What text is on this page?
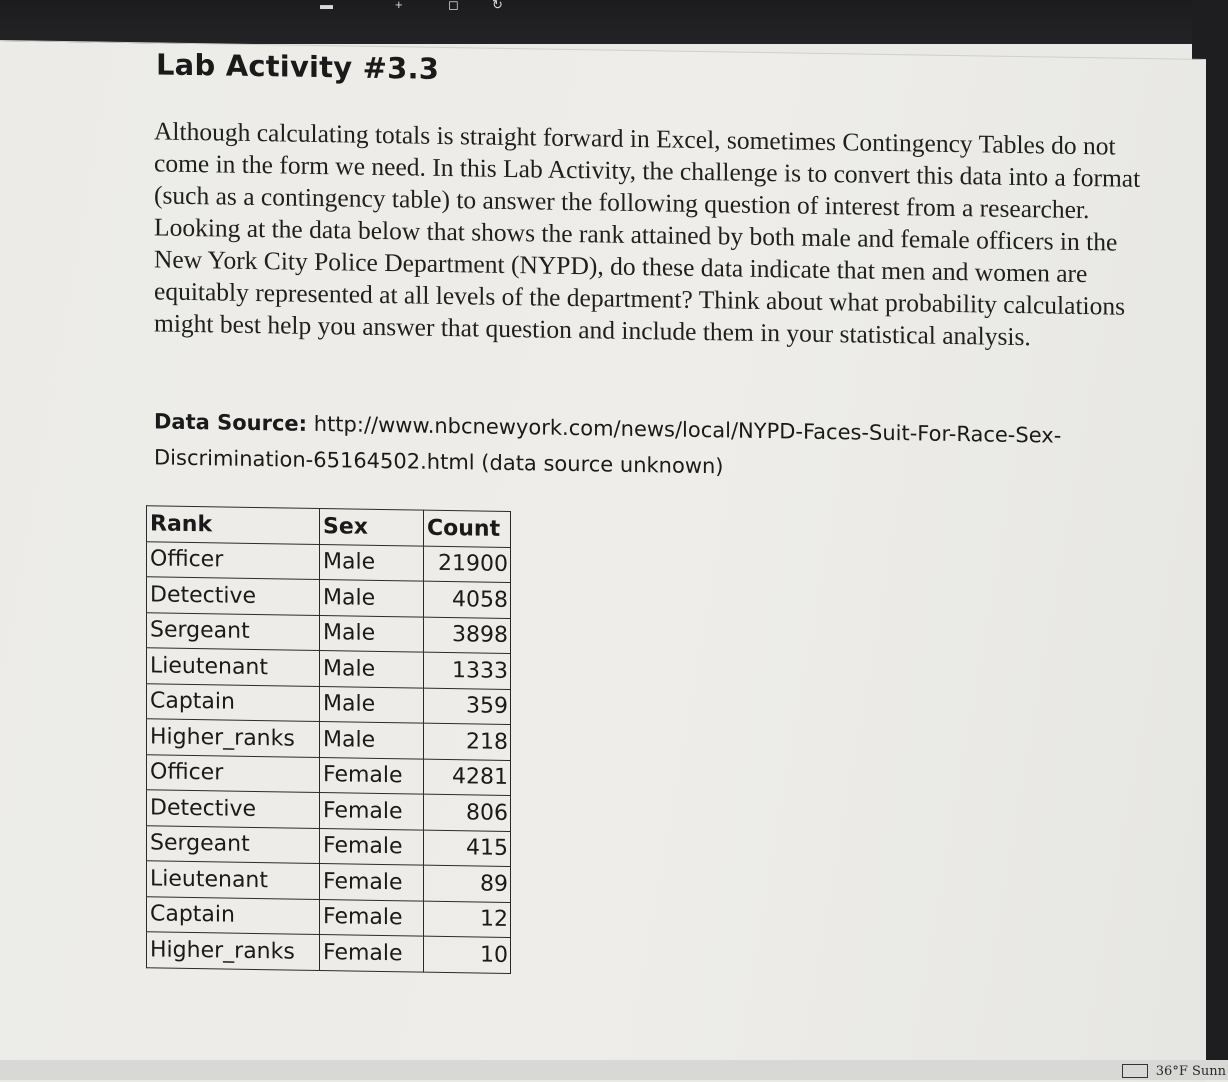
▬	+	◻	↻
Lab Activity #3.3

Although calculating totals is straight forward in Excel, sometimes Contingency Tables do not come in the form we need. In this Lab Activity, the challenge is to convert this data into a format (such as a contingency table) to answer the following question of interest from a researcher. Looking at the data below that shows the rank attained by both male and female officers in the New York City Police Department (NYPD), do these data indicate that men and women are equitably represented at all levels of the department? Think about what probability calculations might best help you answer that question and include them in your statistical analysis.

Data Source: http://www.nbcnewyork.com/news/local/NYPD-Faces-Suit-For-Race-Sex-Discrimination-65164502.html (data source unknown)

Rank	Sex	Count
Officer	Male	21900
Detective	Male	4058
Sergeant	Male	3898
Lieutenant	Male	1333
Captain	Male	359
Higher_ranks	Male	218
Officer	Female	4281
Detective	Female	806
Sergeant	Female	415
Lieutenant	Female	89
Captain	Female	12
Higher_ranks	Female	10
36°F Sunn
